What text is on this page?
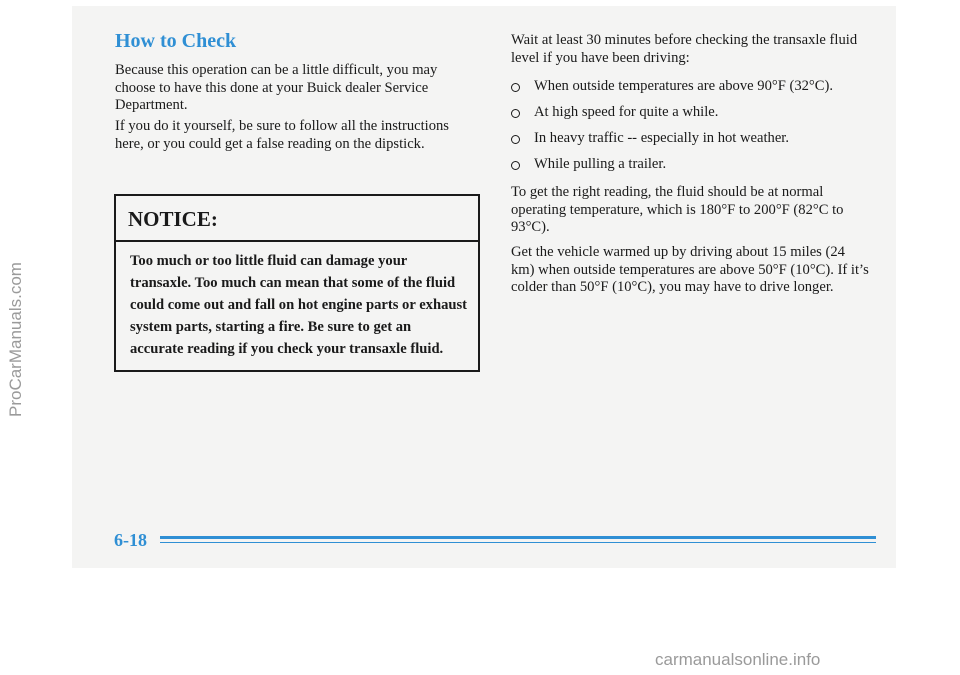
ProCarManuals.com
How to Check

Because this operation can be a little difficult, you may choose to have this done at your Buick dealer Service Department.

If you do it yourself, be sure to follow all the instructions here, or you could get a false reading on the dipstick.

NOTICE:

Too much or too little fluid can damage your transaxle. Too much can mean that some of the fluid could come out and fall on hot engine parts or exhaust system parts, starting a fire. Be sure to get an accurate reading if you check your transaxle fluid.

Wait at least 30 minutes before checking the transaxle fluid level if you have been driving:

When outside temperatures are above 90°F (32°C).
At high speed for quite a while.
In heavy traffic -- especially in hot weather.
While pulling a trailer.

To get the right reading, the fluid should be at normal operating temperature, which is 180°F to 200°F (82°C to 93°C).

Get the vehicle warmed up by driving about 15 miles (24 km) when outside temperatures are above 50°F (10°C). If it’s colder than 50°F (10°C), you may have to drive longer.

6-18

carmanualsonline.info
